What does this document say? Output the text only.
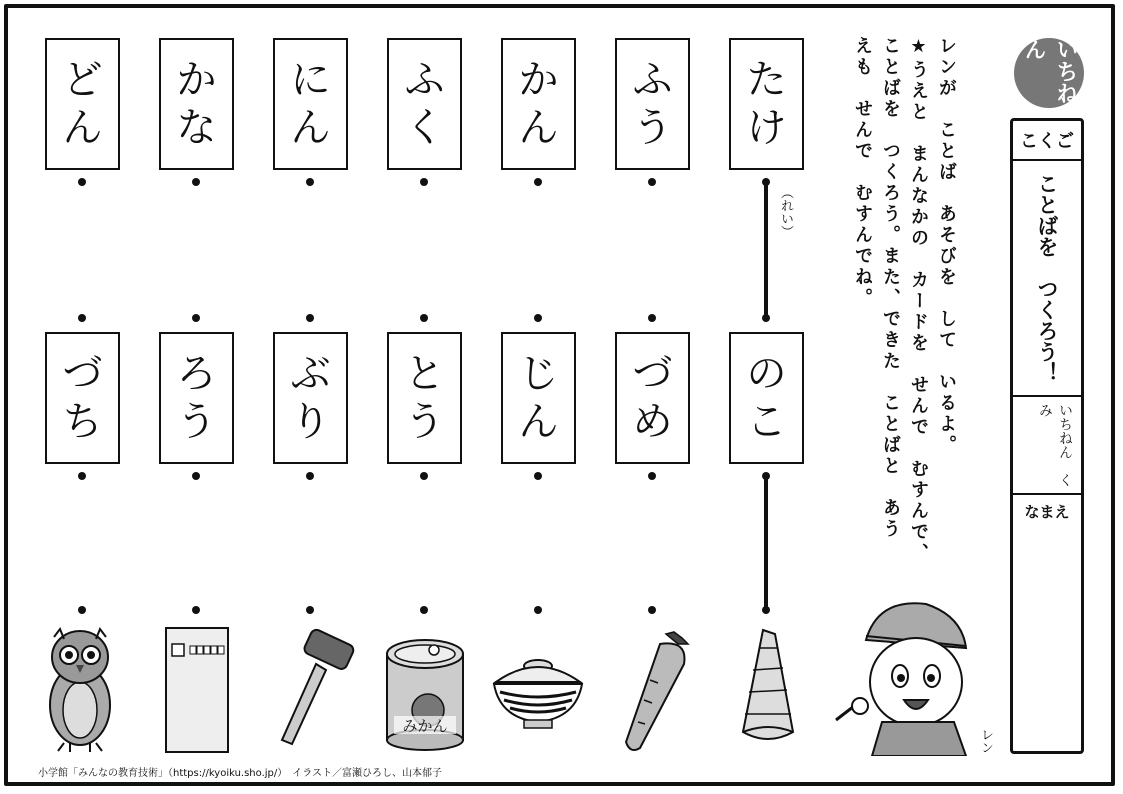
ど
ん
か
な
に
ん
ふ
く
か
ん
ふ
う
た
け
づ
ち
ろ
う
ぶ
り
と
う
じ
ん
づ
め
の
こ
（れい）
みかん
レン

レンが　ことば　あそびを　して　いるよ。

★うえと　まんなかの　カードを　せんで　むすんで、

ことばを　つくろう。また、できた　ことばと　あう

えも　せんで　むすんでね。	いちねん
こくご
ことばを　つくろう！
いちねん　くみ
なまえ
小学館「みんなの教育技術」（https://kyoiku.sho.jp/）　イラスト／富瀬ひろし、山本郁子
